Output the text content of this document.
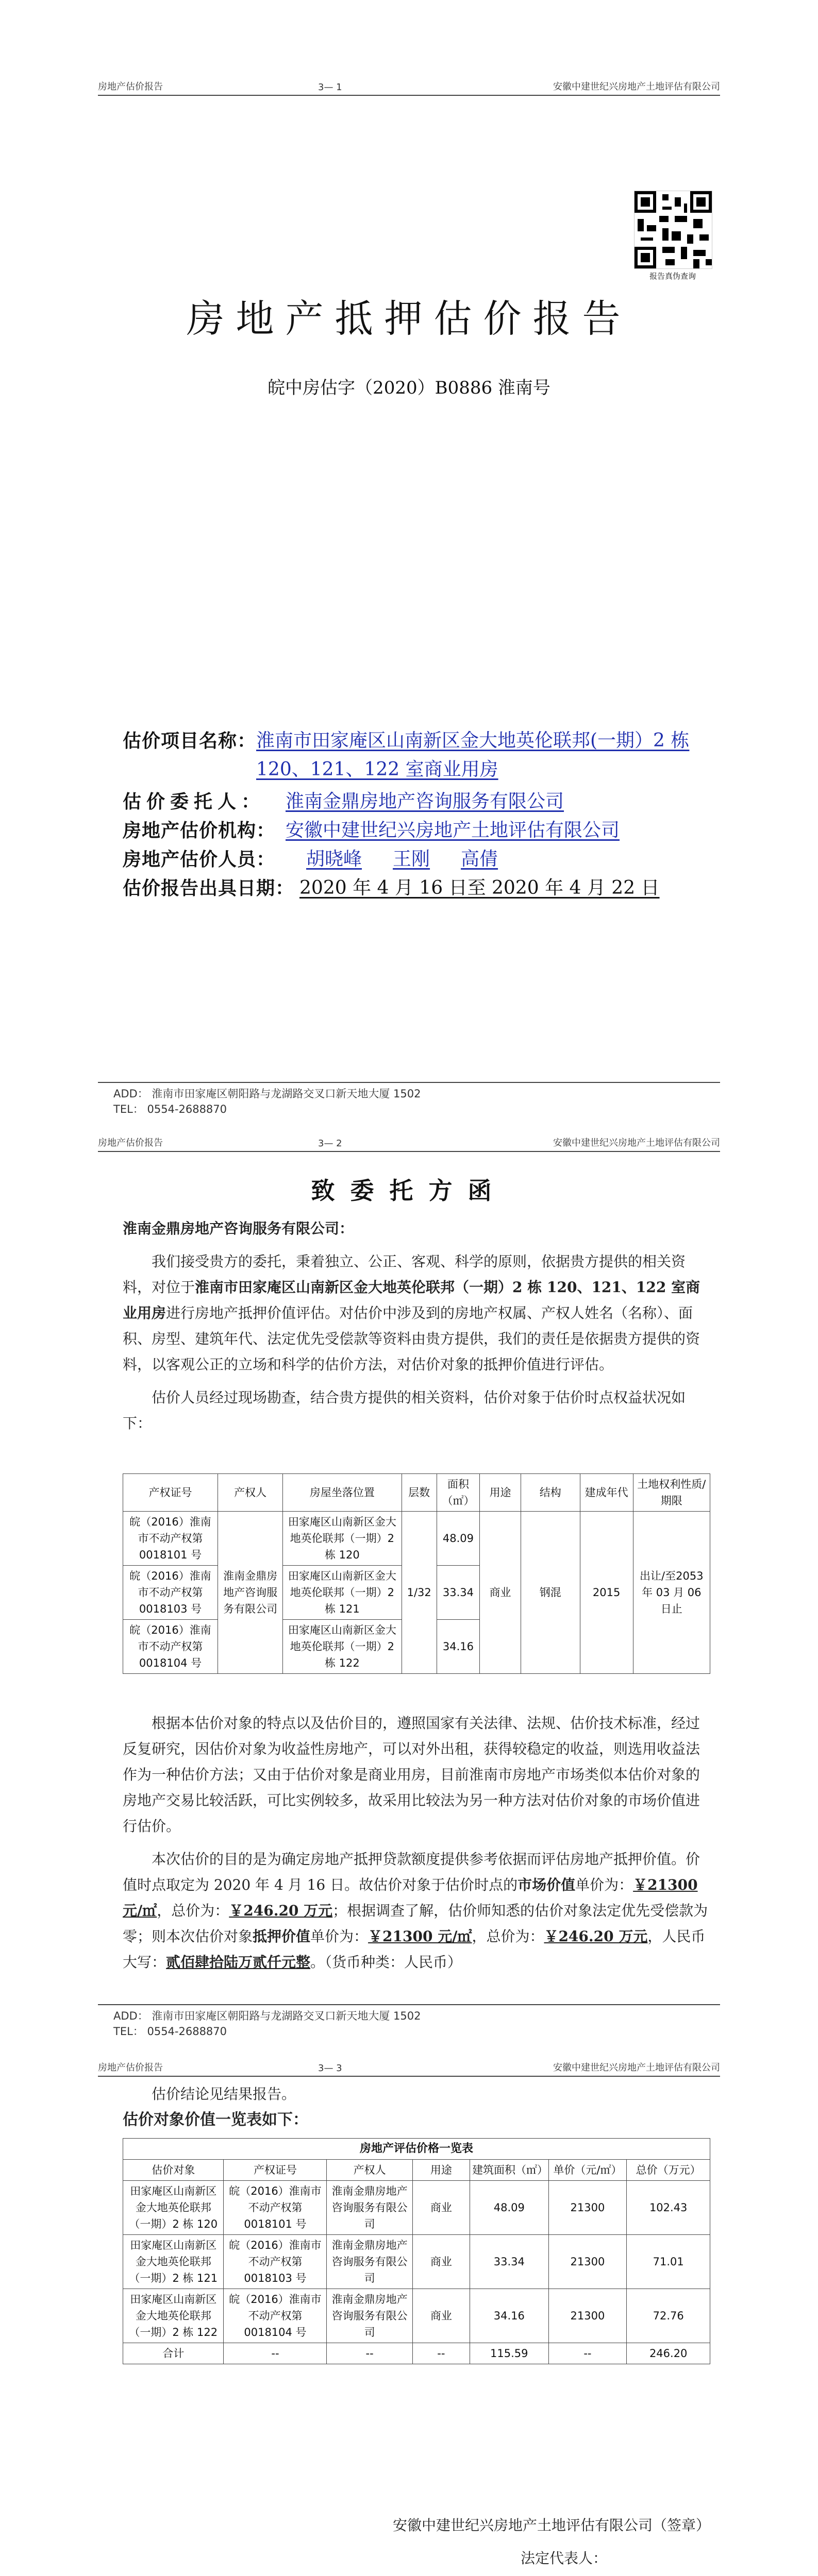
房地产估价报告	3— 1	安徽中建世纪兴房地产土地评估有限公司
报告真伪查询
房地产抵押估价报告
皖中房估字（2020）B0886 淮南号
估价项目名称： 淮南市田家庵区山南新区金大地英伦联邦(一期）2 栋 120、121、122 室商业用房
估价委托人：	淮南金鼎房地产咨询服务有限公司
房地产估价机构： 安徽中建世纪兴房地产土地评估有限公司
房地产估价人员：	胡晓峰	王刚	高倩
估价报告出具日期： 2020 年 4 月 16 日至 2020 年 4 月 22 日
ADD： 淮南市田家庵区朝阳路与龙湖路交叉口新天地大厦 1502
TEL： 0554-2688870
房地产估价报告	3— 2	安徽中建世纪兴房地产土地评估有限公司
致委托方函
淮南金鼎房地产咨询服务有限公司：

我们接受贵方的委托，秉着独立、公正、客观、科学的原则，依据贵方提供的相关资料，对位于淮南市田家庵区山南新区金大地英伦联邦（一期）2 栋 120、121、122 室商业用房进行房地产抵押价值评估。对估价中涉及到的房地产权属、产权人姓名（名称）、面积、房型、建筑年代、法定优先受偿款等资料由贵方提供，我们的责任是依据贵方提供的资料，以客观公正的立场和科学的估价方法，对估价对象的抵押价值进行评估。

估价人员经过现场勘查，结合贵方提供的相关资料，估价对象于估价时点权益状况如下：

产权证号	产权人	房屋坐落位置	层数	面积（㎡）	用途	结构	建成年代	土地权利性质/期限
皖（2016）淮南市不动产权第 0018101 号	淮南金鼎房地产咨询服务有限公司	田家庵区山南新区金大地英伦联邦（一期）2 栋 120	1/32	48.09	商业	钢混	2015	出让/至2053 年 03 月 06 日止
皖（2016）淮南市不动产权第 0018103 号		田家庵区山南新区金大地英伦联邦（一期）2 栋 121		33.34				
皖（2016）淮南市不动产权第 0018104 号		田家庵区山南新区金大地英伦联邦（一期）2 栋 122		34.16				

根据本估价对象的特点以及估价目的，遵照国家有关法律、法规、估价技术标准，经过反复研究，因估价对象为收益性房地产，可以对外出租，获得较稳定的收益，则选用收益法作为一种估价方法；又由于估价对象是商业用房，目前淮南市房地产市场类似本估价对象的房地产交易比较活跃，可比实例较多，故采用比较法为另一种方法对估价对象的市场价值进行估价。

本次估价的目的是为确定房地产抵押贷款额度提供参考依据而评估房地产抵押价值。价值时点取定为 2020 年 4 月 16 日。故估价对象于估价时点的市场价值单价为：￥21300 元/㎡，总价为：￥246.20 万元；根据调查了解，估价师知悉的估价对象法定优先受偿款为零；则本次估价对象抵押价值单价为：￥21300 元/㎡，总价为：￥246.20 万元，人民币大写：贰佰肆拾陆万贰仟元整。（货币种类：人民币）

ADD： 淮南市田家庵区朝阳路与龙湖路交叉口新天地大厦 1502
TEL： 0554-2688870
房地产估价报告	3— 3	安徽中建世纪兴房地产土地评估有限公司

估价结论见结果报告。

估价对象价值一览表如下：
房地产评估价格一览表						
估价对象	产权证号	产权人	用途	建筑面积（㎡）	单价（元/㎡）	总价（万元）
田家庵区山南新区金大地英伦联邦（一期）2 栋 120	皖（2016）淮南市不动产权第0018101 号	淮南金鼎房地产咨询服务有限公司	商业	48.09	21300	102.43
田家庵区山南新区金大地英伦联邦（一期）2 栋 121	皖（2016）淮南市不动产权第0018103 号	淮南金鼎房地产咨询服务有限公司	商业	33.34	21300	71.01
田家庵区山南新区金大地英伦联邦（一期）2 栋 122	皖（2016）淮南市不动产权第0018104 号	淮南金鼎房地产咨询服务有限公司	商业	34.16	21300	72.76
合计	--	--	--	115.59	--	246.20
安徽中建世纪兴房地产土地评估有限公司（签章）
法定代表人：
